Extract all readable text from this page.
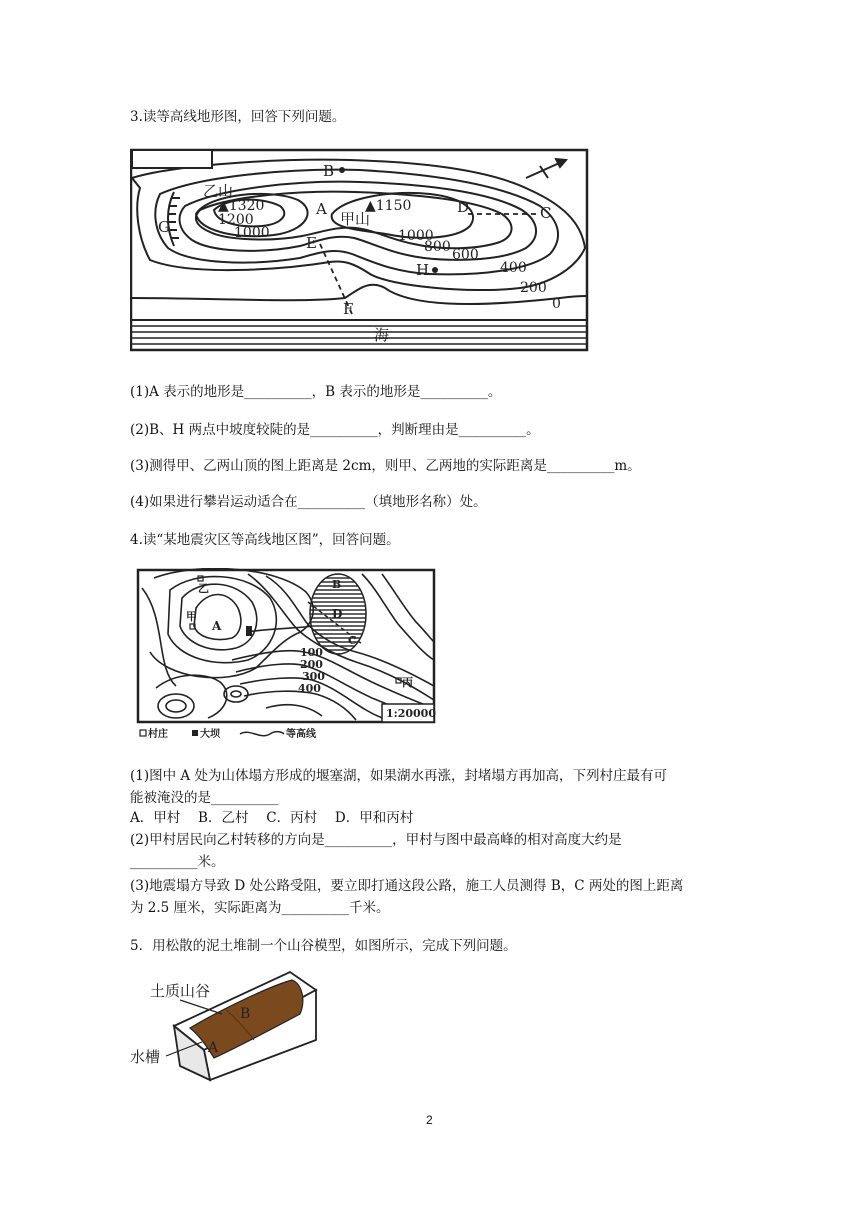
3.读等高线地形图，回答下列问题。
B
A	D	C
G
E
F
H
乙山
甲山
海
▲1320	▲1150
1200
1000	1000
800 600
400
200
0
(1)A 表示的地形是__________，B 表示的地形是__________。
(2)B、H 两点中坡度较陡的是__________，判断理由是__________。
(3)测得甲、乙两山顶的图上距离是 2cm，则甲、乙两地的实际距离是__________m。
(4)如果进行攀岩运动适合在__________（填地形名称）处。
4.读“某地震灾区等高线地区图”，回答问题。
乙
甲
A
D
C
B
丙
100
200
300
400
1:20000
村庄	大坝	等高线
(1)图中 A 处为山体塌方形成的堰塞湖，如果湖水再涨，封堵塌方再加高，下列村庄最有可
能被淹没的是__________
A．甲村　 B．乙村　 C．丙村　 D．甲和丙村
(2)甲村居民向乙村转移的方向是__________，甲村与图中最高峰的相对高度大约是
__________米。
(3)地震塌方导致 D 处公路受阻，要立即打通这段公路，施工人员测得 B，C 两处的图上距离
为 2.5 厘米，实际距离为__________千米。
5．用松散的泥土堆制一个山谷模型，如图所示，完成下列问题。
土质山谷
水槽
B
A
2
